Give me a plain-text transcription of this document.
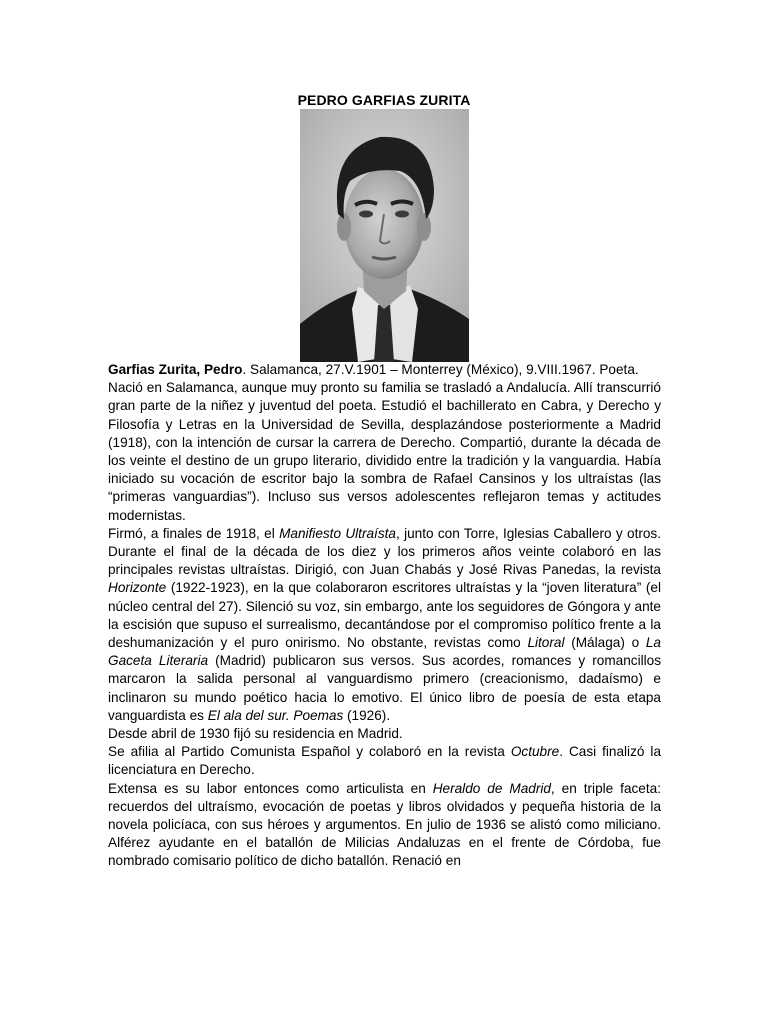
PEDRO GARFIAS ZURITA

Garfias Zurita, Pedro. Salamanca, 27.V.1901 – Monterrey (México), 9.VIII.1967. Poeta.

Nació en Salamanca, aunque muy pronto su familia se trasladó a Andalucía. Allí transcurrió gran parte de la niñez y juventud del poeta. Estudió el bachillerato en Cabra, y Derecho y Filosofía y Letras en la Universidad de Sevilla, desplazándose posteriormente a Madrid (1918), con la intención de cursar la carrera de Derecho. Compartió, durante la década de los veinte el destino de un grupo literario, dividido entre la tradición y la vanguardia. Había iniciado su vocación de escritor bajo la sombra de Rafael Cansinos y los ultraístas (las “primeras vanguardias”). Incluso sus versos adolescentes reflejaron temas y actitudes modernistas.

Firmó, a finales de 1918, el Manifiesto Ultraísta, junto con Torre, Iglesias Caballero y otros. Durante el final de la década de los diez y los primeros años veinte colaboró en las principales revistas ultraístas. Dirigió, con Juan Chabás y José Rivas Panedas, la revista Horizonte (1922-1923), en la que colaboraron escritores ultraístas y la “joven literatura” (el núcleo central del 27). Silenció su voz, sin embargo, ante los seguidores de Góngora y ante la escisión que supuso el surrealismo, decantándose por el compromiso político frente a la deshumanización y el puro onirismo. No obstante, revistas como Litoral (Málaga) o La Gaceta Literaria (Madrid) publicaron sus versos. Sus acordes, romances y romancillos marcaron la salida personal al vanguardismo primero (creacionismo, dadaísmo) e inclinaron su mundo poético hacia lo emotivo. El único libro de poesía de esta etapa vanguardista es El ala del sur. Poemas (1926).

Desde abril de 1930 fijó su residencia en Madrid.

Se afilia al Partido Comunista Español y colaboró en la revista Octubre. Casi finalizó la licenciatura en Derecho.

Extensa es su labor entonces como articulista en Heraldo de Madrid, en triple faceta: recuerdos del ultraísmo, evocación de poetas y libros olvidados y pequeña historia de la novela policíaca, con sus héroes y argumentos. En julio de 1936 se alistó como miliciano. Alférez ayudante en el batallón de Milicias Andaluzas en el frente de Córdoba, fue nombrado comisario político de dicho batallón. Renació en
